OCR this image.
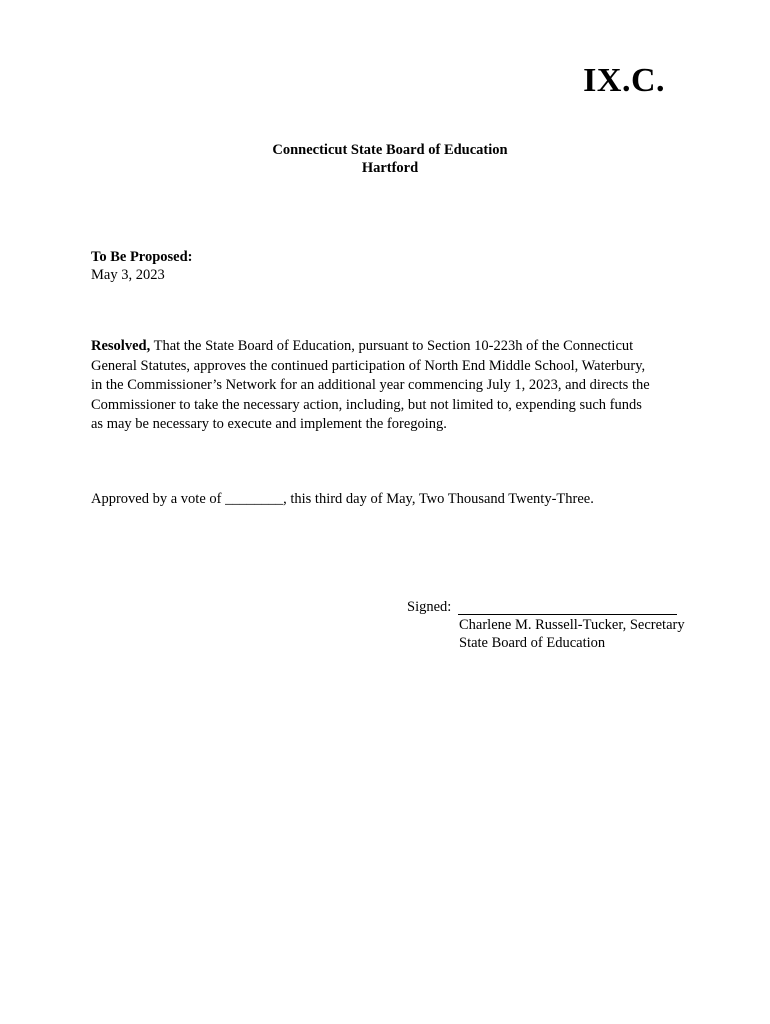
IX.C.
Connecticut State Board of Education
Hartford
To Be Proposed:
May 3, 2023
Resolved, That the State Board of Education, pursuant to Section 10-223h of the Connecticut
General Statutes, approves the continued participation of North End Middle School, Waterbury,
in the Commissioner’s Network for an additional year commencing July 1, 2023, and directs the
Commissioner to take the necessary action, including, but not limited to, expending such funds
as may be necessary to execute and implement the foregoing.
Approved by a vote of ________, this third day of May, Two Thousand Twenty-Three.
Signed:
Charlene M. Russell-Tucker, Secretary
State Board of Education
